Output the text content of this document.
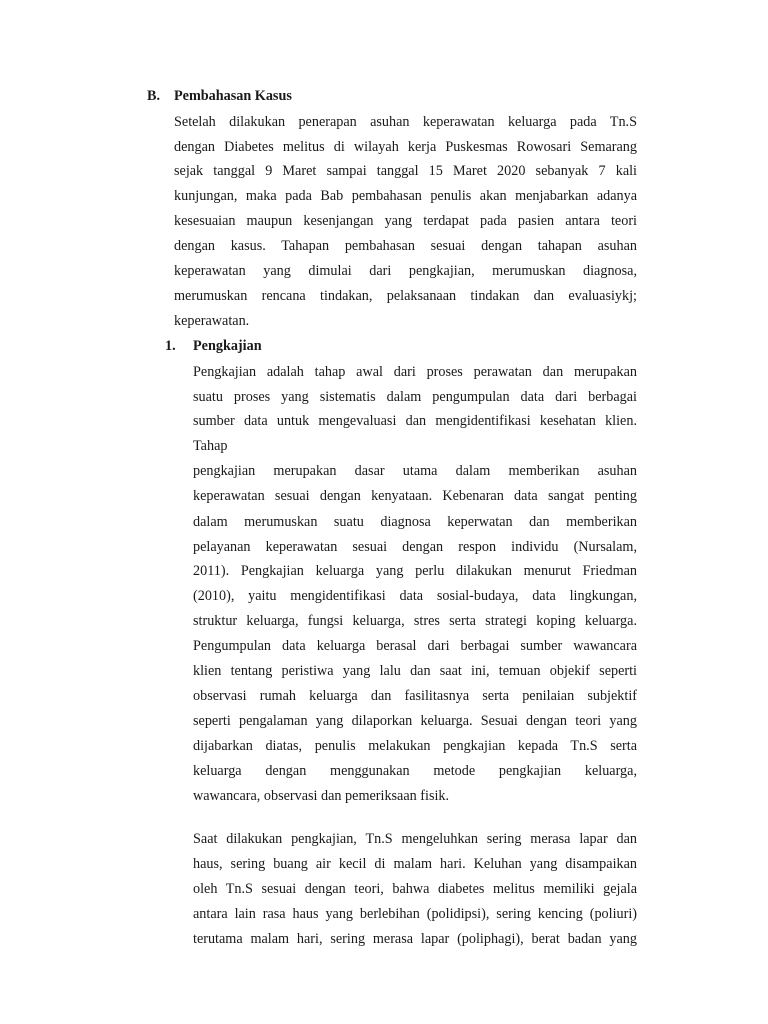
B. Pembahasan Kasus
Setelah dilakukan penerapan asuhan keperawatan keluarga pada Tn.S
dengan Diabetes melitus di wilayah kerja Puskesmas Rowosari Semarang
sejak tanggal 9 Maret sampai tanggal 15 Maret 2020 sebanyak 7 kali
kunjungan, maka pada Bab pembahasan penulis akan menjabarkan adanya
kesesuaian maupun kesenjangan yang terdapat pada pasien antara teori
dengan kasus. Tahapan pembahasan sesuai dengan tahapan asuhan
keperawatan yang dimulai dari pengkajian, merumuskan diagnosa,
merumuskan rencana tindakan, pelaksanaan tindakan dan evaluasiykj;
keperawatan.
1. Pengkajian
Pengkajian adalah tahap awal dari proses perawatan dan merupakan
suatu proses yang sistematis dalam pengumpulan data dari berbagai
sumber data untuk mengevaluasi dan mengidentifikasi kesehatan klien.
Tahap
pengkajian merupakan dasar utama dalam memberikan asuhan
keperawatan sesuai dengan kenyataan. Kebenaran data sangat penting
dalam merumuskan suatu diagnosa keperwatan dan memberikan
pelayanan keperawatan sesuai dengan respon individu (Nursalam,
2011). Pengkajian keluarga yang perlu dilakukan menurut Friedman
(2010), yaitu mengidentifikasi data sosial-budaya, data lingkungan,
struktur keluarga, fungsi keluarga, stres serta strategi koping keluarga.
Pengumpulan data keluarga berasal dari berbagai sumber wawancara
klien tentang peristiwa yang lalu dan saat ini, temuan objekif seperti
observasi rumah keluarga dan fasilitasnya serta penilaian subjektif
seperti pengalaman yang dilaporkan keluarga. Sesuai dengan teori yang
dijabarkan diatas, penulis melakukan pengkajian kepada Tn.S serta
keluarga dengan menggunakan metode pengkajian keluarga,
wawancara, observasi dan pemeriksaan fisik.
Saat dilakukan pengkajian, Tn.S mengeluhkan sering merasa lapar dan
haus, sering buang air kecil di malam hari. Keluhan yang disampaikan
oleh Tn.S sesuai dengan teori, bahwa diabetes melitus memiliki gejala
antara lain rasa haus yang berlebihan (polidipsi), sering kencing (poliuri)
terutama malam hari, sering merasa lapar (poliphagi), berat badan yang
